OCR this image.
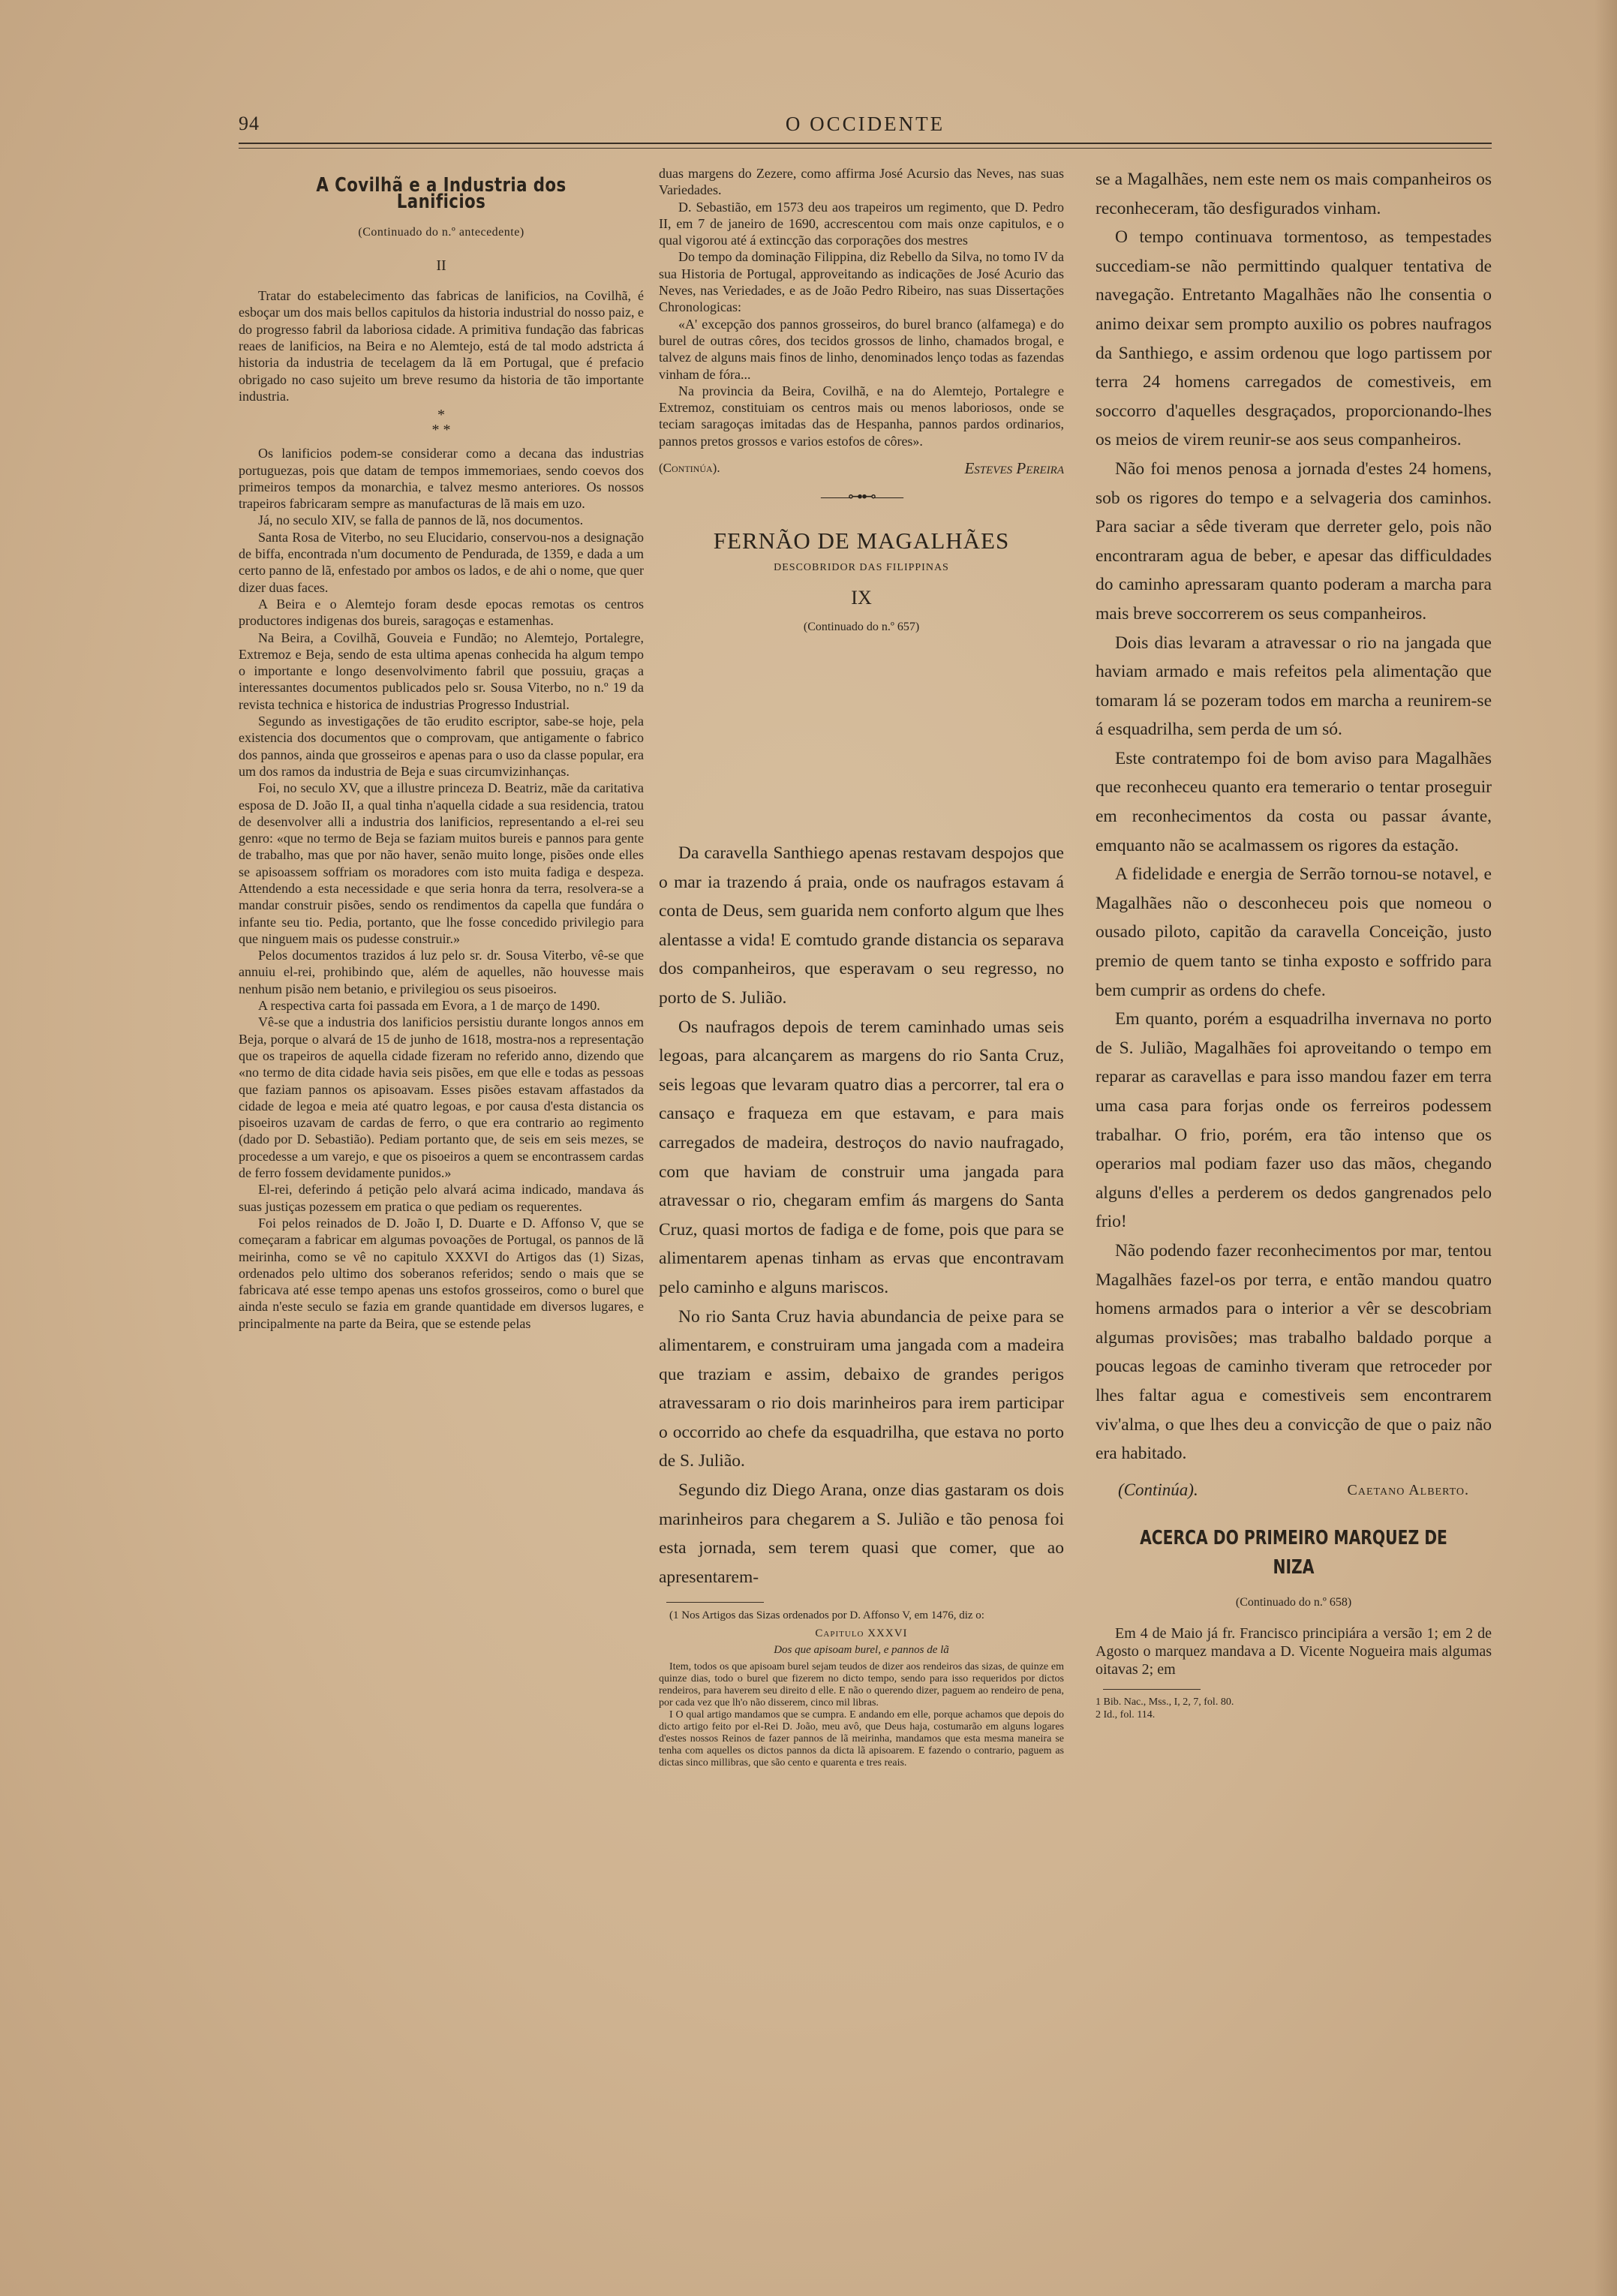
94	O OCCIDENTE
A Covilhã e a Industria dos Lanificios
(Continuado do n.º antecedente)
II

Tratar do estabelecimento das fabricas de lanificios, na Covilhã, é esboçar um dos mais bellos capitulos da historia industrial do nosso paiz, e do progresso fabril da laboriosa cidade. A primitiva fundação das fabricas reaes de lanificios, na Beira e no Alemtejo, está de tal modo adstricta á historia da industria de tecelagem da lã em Portugal, que é prefacio obrigado no caso sujeito um breve resumo da historia de tão importante industria.

*
* *

Os lanificios podem-se considerar como a decana das industrias portuguezas, pois que datam de tempos immemoriaes, sendo coevos dos primeiros tempos da monarchia, e talvez mesmo anteriores. Os nossos trapeiros fabricaram sempre as manufacturas de lã mais em uzo.

Já, no seculo XIV, se falla de pannos de lã, nos documentos.

Santa Rosa de Viterbo, no seu Elucidario, conservou-nos a designação de biffa, encontrada n'um documento de Pendurada, de 1359, e dada a um certo panno de lã, enfestado por ambos os lados, e de ahi o nome, que quer dizer duas faces.

A Beira e o Alemtejo foram desde epocas remotas os centros productores indigenas dos bureis, saragoças e estamenhas.

Na Beira, a Covilhã, Gouveia e Fundão; no Alemtejo, Portalegre, Extremoz e Beja, sendo de esta ultima apenas conhecida ha algum tempo o importante e longo desenvolvimento fabril que possuiu, graças a interessantes documentos publicados pelo sr. Sousa Viterbo, no n.º 19 da revista technica e historica de industrias Progresso Industrial.

Segundo as investigações de tão erudito escriptor, sabe-se hoje, pela existencia dos documentos que o comprovam, que antigamente o fabrico dos pannos, ainda que grosseiros e apenas para o uso da classe popular, era um dos ramos da industria de Beja e suas circumvizinhanças.

Foi, no seculo XV, que a illustre princeza D. Beatriz, mãe da caritativa esposa de D. João II, a qual tinha n'aquella cidade a sua residencia, tratou de desenvolver alli a industria dos lanificios, representando a el-rei seu genro: «que no termo de Beja se faziam muitos bureis e pannos para gente de trabalho, mas que por não haver, senão muito longe, pisões onde elles se apisoassem soffriam os moradores com isto muita fadiga e despeza. Attendendo a esta necessidade e que seria honra da terra, resolvera-se a mandar construir pisões, sendo os rendimentos da capella que fundára o infante seu tio. Pedia, portanto, que lhe fosse concedido privilegio para que ninguem mais os pudesse construir.»

Pelos documentos trazidos á luz pelo sr. dr. Sousa Viterbo, vê-se que annuiu el-rei, prohibindo que, além de aquelles, não houvesse mais nenhum pisão nem betanio, e privilegiou os seus pisoeiros.

A respectiva carta foi passada em Evora, a 1 de março de 1490.

Vê-se que a industria dos lanificios persistiu durante longos annos em Beja, porque o alvará de 15 de junho de 1618, mostra-nos a representação que os trapeiros de aquella cidade fizeram no referido anno, dizendo que «no termo de dita cidade havia seis pisões, em que elle e todas as pessoas que faziam pannos os apisoavam. Esses pisões estavam affastados da cidade de legoa e meia até quatro legoas, e por causa d'esta distancia os pisoeiros uzavam de cardas de ferro, o que era contrario ao regimento (dado por D. Sebastião). Pediam portanto que, de seis em seis mezes, se procedesse a um varejo, e que os pisoeiros a quem se encontrassem cardas de ferro fossem devidamente punidos.»

El-rei, deferindo á petição pelo alvará acima indicado, mandava ás suas justiças pozessem em pratica o que pediam os requerentes.

Foi pelos reinados de D. João I, D. Duarte e D. Affonso V, que se começaram a fabricar em algumas povoações de Portugal, os pannos de lã meirinha, como se vê no capitulo XXXVI do Artigos das (1) Sizas, ordenados pelo ultimo dos soberanos referidos; sendo o mais que se fabricava até esse tempo apenas uns estofos grosseiros, como o burel que ainda n'este seculo se fazia em grande quantidade em diversos lugares, e principalmente na parte da Beira, que se estende pelas

duas margens do Zezere, como affirma José Acursio das Neves, nas suas Variedades.

D. Sebastião, em 1573 deu aos trapeiros um regimento, que D. Pedro II, em 7 de janeiro de 1690, accrescentou com mais onze capitulos, e o qual vigorou até á extincção das corporações dos mestres

Do tempo da dominação Filippina, diz Rebello da Silva, no tomo IV da sua Historia de Portugal, approveitando as indicações de José Acurio das Neves, nas Veriedades, e as de João Pedro Ribeiro, nas suas Dissertações Chronologicas:

«A' excepção dos pannos grosseiros, do burel branco (alfamega) e do burel de outras côres, dos tecidos grossos de linho, chamados brogal, e talvez de alguns mais finos de linho, denominados lenço todas as fazendas vinham de fóra...

Na provincia da Beira, Covilhã, e na do Alemtejo, Portalegre e Extremoz, constituiam os centros mais ou menos laboriosos, onde se teciam saragoças imitadas das de Hespanha, pannos pardos ordinarios, pannos pretos grossos e varios estofos de côres».

(Continúa).	Esteves Pereira
——⊶⊷——
FERNÃO DE MAGALHÃES
DESCOBRIDOR DAS FILIPPINAS
IX
(Continuado do n.º 657)

Da caravella Santhiego apenas restavam despojos que o mar ia trazendo á praia, onde os naufragos estavam á conta de Deus, sem guarida nem conforto algum que lhes alentasse a vida! E comtudo grande distancia os separava dos companheiros, que esperavam o seu regresso, no porto de S. Julião.

Os naufragos depois de terem caminhado umas seis legoas, para alcançarem as margens do rio Santa Cruz, seis legoas que levaram quatro dias a percorrer, tal era o cansaço e fraqueza em que estavam, e para mais carregados de madeira, destroços do navio naufragado, com que haviam de construir uma jangada para atravessar o rio, chegaram emfim ás margens do Santa Cruz, quasi mortos de fadiga e de fome, pois que para se alimentarem apenas tinham as ervas que encontravam pelo caminho e alguns mariscos.

No rio Santa Cruz havia abundancia de peixe para se alimentarem, e construiram uma jangada com a madeira que traziam e assim, debaixo de grandes perigos atravessaram o rio dois marinheiros para irem participar o occorrido ao chefe da esquadrilha, que estava no porto de S. Julião.

Segundo diz Diego Arana, onze dias gastaram os dois marinheiros para chegarem a S. Julião e tão penosa foi esta jornada, sem terem quasi que comer, que ao apresentarem-

(1 Nos Artigos das Sizas ordenados por D. Affonso V, em 1476, diz o:

Capitulo XXXVI
Dos que apisoam burel, e pannos de lã

Item, todos os que apisoam burel sejam teudos de dizer aos rendeiros das sizas, de quinze em quinze dias, todo o burel que fizerem no dicto tempo, sendo para isso requeridos por dictos rendeiros, para haverem seu direito d elle. E não o querendo dizer, paguem ao rendeiro de pena, por cada vez que lh'o não disserem, cinco mil libras.

I O qual artigo mandamos que se cumpra. E andando em elle, porque achamos que depois do dicto artigo feito por el-Rei D. João, meu avô, que Deus haja, costumarão em alguns logares d'estes nossos Reinos de fazer pannos de lã meirinha, mandamos que esta mesma maneira se tenha com aquelles os dictos pannos da dicta lã apisoarem. E fazendo o contrario, paguem as dictas sinco millibras, que são cento e quarenta e tres reais.

se a Magalhães, nem este nem os mais companheiros os reconheceram, tão desfigurados vinham.

O tempo continuava tormentoso, as tempestades succediam-se não permittindo qualquer tentativa de navegação. Entretanto Magalhães não lhe consentia o animo deixar sem prompto auxilio os pobres naufragos da Santhiego, e assim ordenou que logo partissem por terra 24 homens carregados de comestiveis, em soccorro d'aquelles desgraçados, proporcionando-lhes os meios de virem reunir-se aos seus companheiros.

Não foi menos penosa a jornada d'estes 24 homens, sob os rigores do tempo e a selvageria dos caminhos. Para saciar a sêde tiveram que derreter gelo, pois não encontraram agua de beber, e apesar das difficuldades do caminho apressaram quanto poderam a marcha para mais breve soccorrerem os seus companheiros.

Dois dias levaram a atravessar o rio na jangada que haviam armado e mais refeitos pela alimentação que tomaram lá se pozeram todos em marcha a reunirem-se á esquadrilha, sem perda de um só.

Este contratempo foi de bom aviso para Magalhães que reconheceu quanto era temerario o tentar proseguir em reconhecimentos da costa ou passar ávante, emquanto não se acalmassem os rigores da estação.

A fidelidade e energia de Serrão tornou-se notavel, e Magalhães não o desconheceu pois que nomeou o ousado piloto, capitão da caravella Conceição, justo premio de quem tanto se tinha exposto e soffrido para bem cumprir as ordens do chefe.

Em quanto, porém a esquadrilha invernava no porto de S. Julião, Magalhães foi aproveitando o tempo em reparar as caravellas e para isso mandou fazer em terra uma casa para forjas onde os ferreiros podessem trabalhar. O frio, porém, era tão intenso que os operarios mal podiam fazer uso das mãos, chegando alguns d'elles a perderem os dedos gangrenados pelo frio!

Não podendo fazer reconhecimentos por mar, tentou Magalhães fazel-os por terra, e então mandou quatro homens armados para o interior a vêr se descobriam algumas provisões; mas trabalho baldado porque a poucas legoas de caminho tiveram que retroceder por lhes faltar agua e comestiveis sem encontrarem viv'alma, o que lhes deu a convicção de que o paiz não era habitado.

(Continúa).	Caetano Alberto.
ACERCA DO PRIMEIRO MARQUEZ DE NIZA
(Continuado do n.º 658)

Em 4 de Maio já fr. Francisco principiára a versão 1; em 2 de Agosto o marquez mandava a D. Vicente Nogueira mais algumas oitavas 2; em

1 Bib. Nac., Mss., I, 2, 7, fol. 80.
2 Id., fol. 114.
